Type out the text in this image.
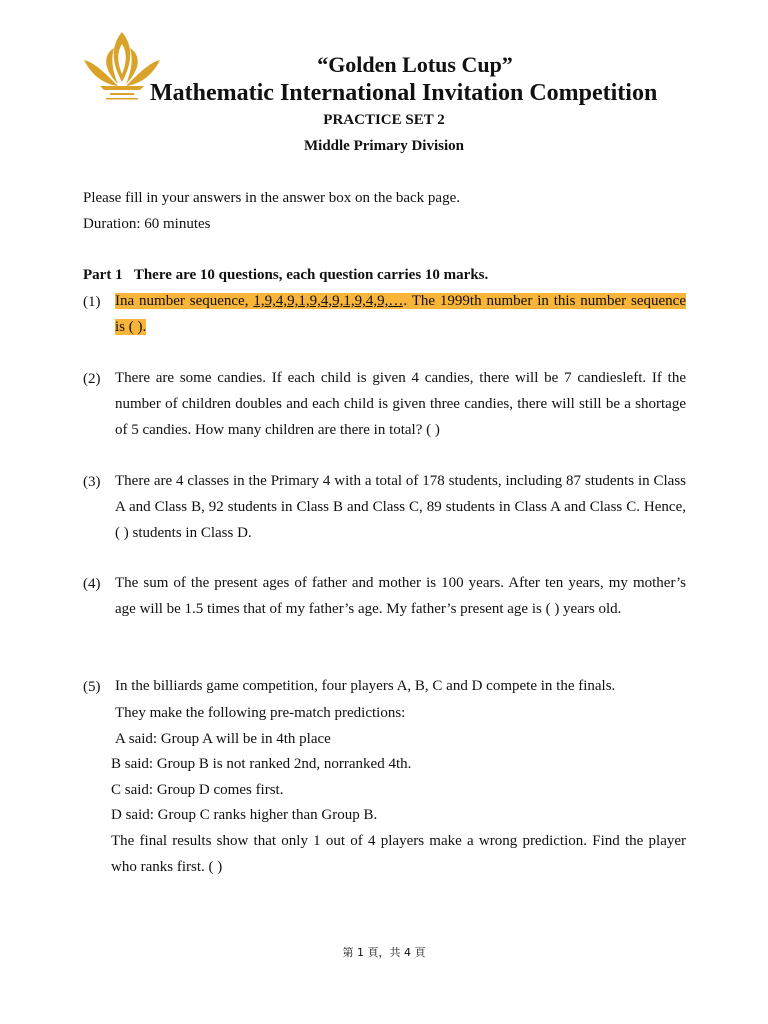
“Golden Lotus Cup”
Mathematic International Invitation Competition
PRACTICE SET 2
Middle Primary Division
Please fill in your answers in the answer box on the back page.
Duration: 60 minutes
Part 1 There are 10 questions, each question carries 10 marks.
(1) Ina number sequence, 1,9,4,9,1,9,4,9,1,9,4,9,…. The 1999th number in this number sequence is ( ).
(2) There are some candies. If each child is given 4 candies, there will be 7 candiesleft. If the number of children doubles and each child is given three candies, there will still be a shortage of 5 candies. How many children are there in total? ( )
(3) There are 4 classes in the Primary 4 with a total of 178 students, including 87 students in Class A and Class B, 92 students in Class B and Class C, 89 students in Class A and Class C. Hence, ( ) students in Class D.
(4) The sum of the present ages of father and mother is 100 years. After ten years, my mother’s age will be 1.5 times that of my father’s age. My father’s present age is ( ) years old.
(5) In the billiards game competition, four players A, B, C and D compete in the finals.
They make the following pre-match predictions:
A said: Group A will be in 4th place
B said: Group B is not ranked 2nd, norranked 4th.
C said: Group D comes first.
D said: Group C ranks higher than Group B.
The final results show that only 1 out of 4 players make a wrong prediction. Find the player who ranks first. ( )
第 1 頁，共 4 頁
